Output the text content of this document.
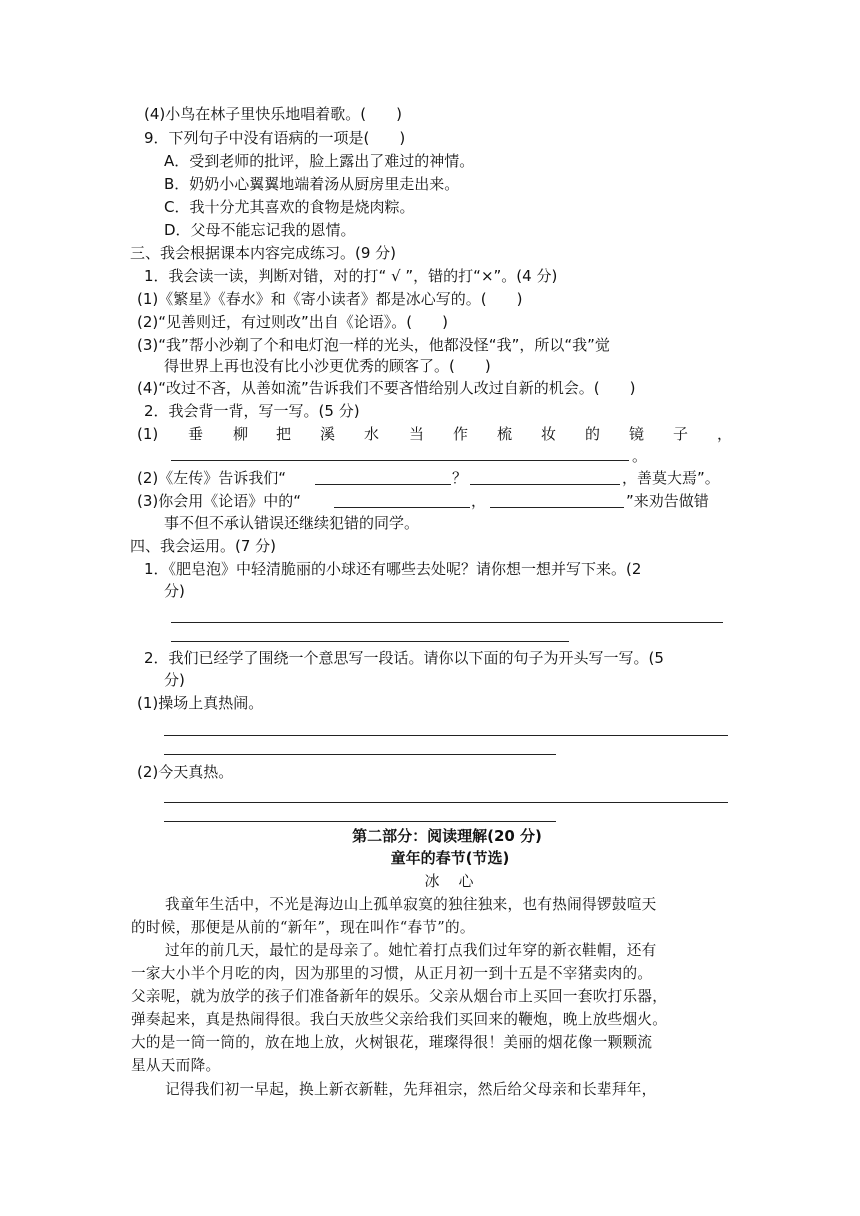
(4)小鸟在林子里快乐地唱着歌。(　　)
9．下列句子中没有语病的一项是(　　)
A．受到老师的批评，脸上露出了难过的神情。
B．奶奶小心翼翼地端着汤从厨房里走出来。
C．我十分尤其喜欢的食物是烧肉粽。
D．父母不能忘记我的恩情。
三、我会根据课本内容完成练习。(9 分)
1．我会读一读，判断对错，对的打“ √ ”，错的打“×”。(4 分)
(1)《繁星》《春水》和《寄小读者》都是冰心写的。(　　)
(2)“见善则迁，有过则改”出自《论语》。(　　)
(3)“我”帮小沙剃了个和电灯泡一样的光头，他都没怪“我”，所以“我”觉
得世界上再也没有比小沙更优秀的顾客了。(　　)
(4)“改过不吝，从善如流”告诉我们不要吝惜给别人改过自新的机会。(　　)
2．我会背一背，写一写。(5 分)
(1) 垂 柳 把 溪 水 当 作 梳 妆 的 镜 子 ，
。
(2)《左传》告诉我们“	？	，善莫大焉”。
(3)你会用《论语》中的“	，	”来劝告做错
事不但不承认错误还继续犯错的同学。
四、我会运用。(7 分)
1．《肥皂泡》中轻清脆丽的小球还有哪些去处呢？请你想一想并写下来。(2
分)
2．我们已经学了围绕一个意思写一段话。请你以下面的句子为开头写一写。(5
分)
(1)操场上真热闹。
(2)今天真热。
第二部分：阅读理解(20 分)
童年的春节(节选)
冰　心
我童年生活中，不光是海边山上孤单寂寞的独往独来，也有热闹得锣鼓喧天
的时候，那便是从前的“新年”，现在叫作“春节”的。
过年的前几天，最忙的是母亲了。她忙着打点我们过年穿的新衣鞋帽，还有
一家大小半个月吃的肉，因为那里的习惯，从正月初一到十五是不宰猪卖肉的。
父亲呢，就为放学的孩子们准备新年的娱乐。父亲从烟台市上买回一套吹打乐器，
弹奏起来，真是热闹得很。我白天放些父亲给我们买回来的鞭炮，晚上放些烟火。
大的是一筒一筒的，放在地上放，火树银花，璀璨得很！美丽的烟花像一颗颗流
星从天而降。
记得我们初一早起，换上新衣新鞋，先拜祖宗，然后给父母亲和长辈拜年，
